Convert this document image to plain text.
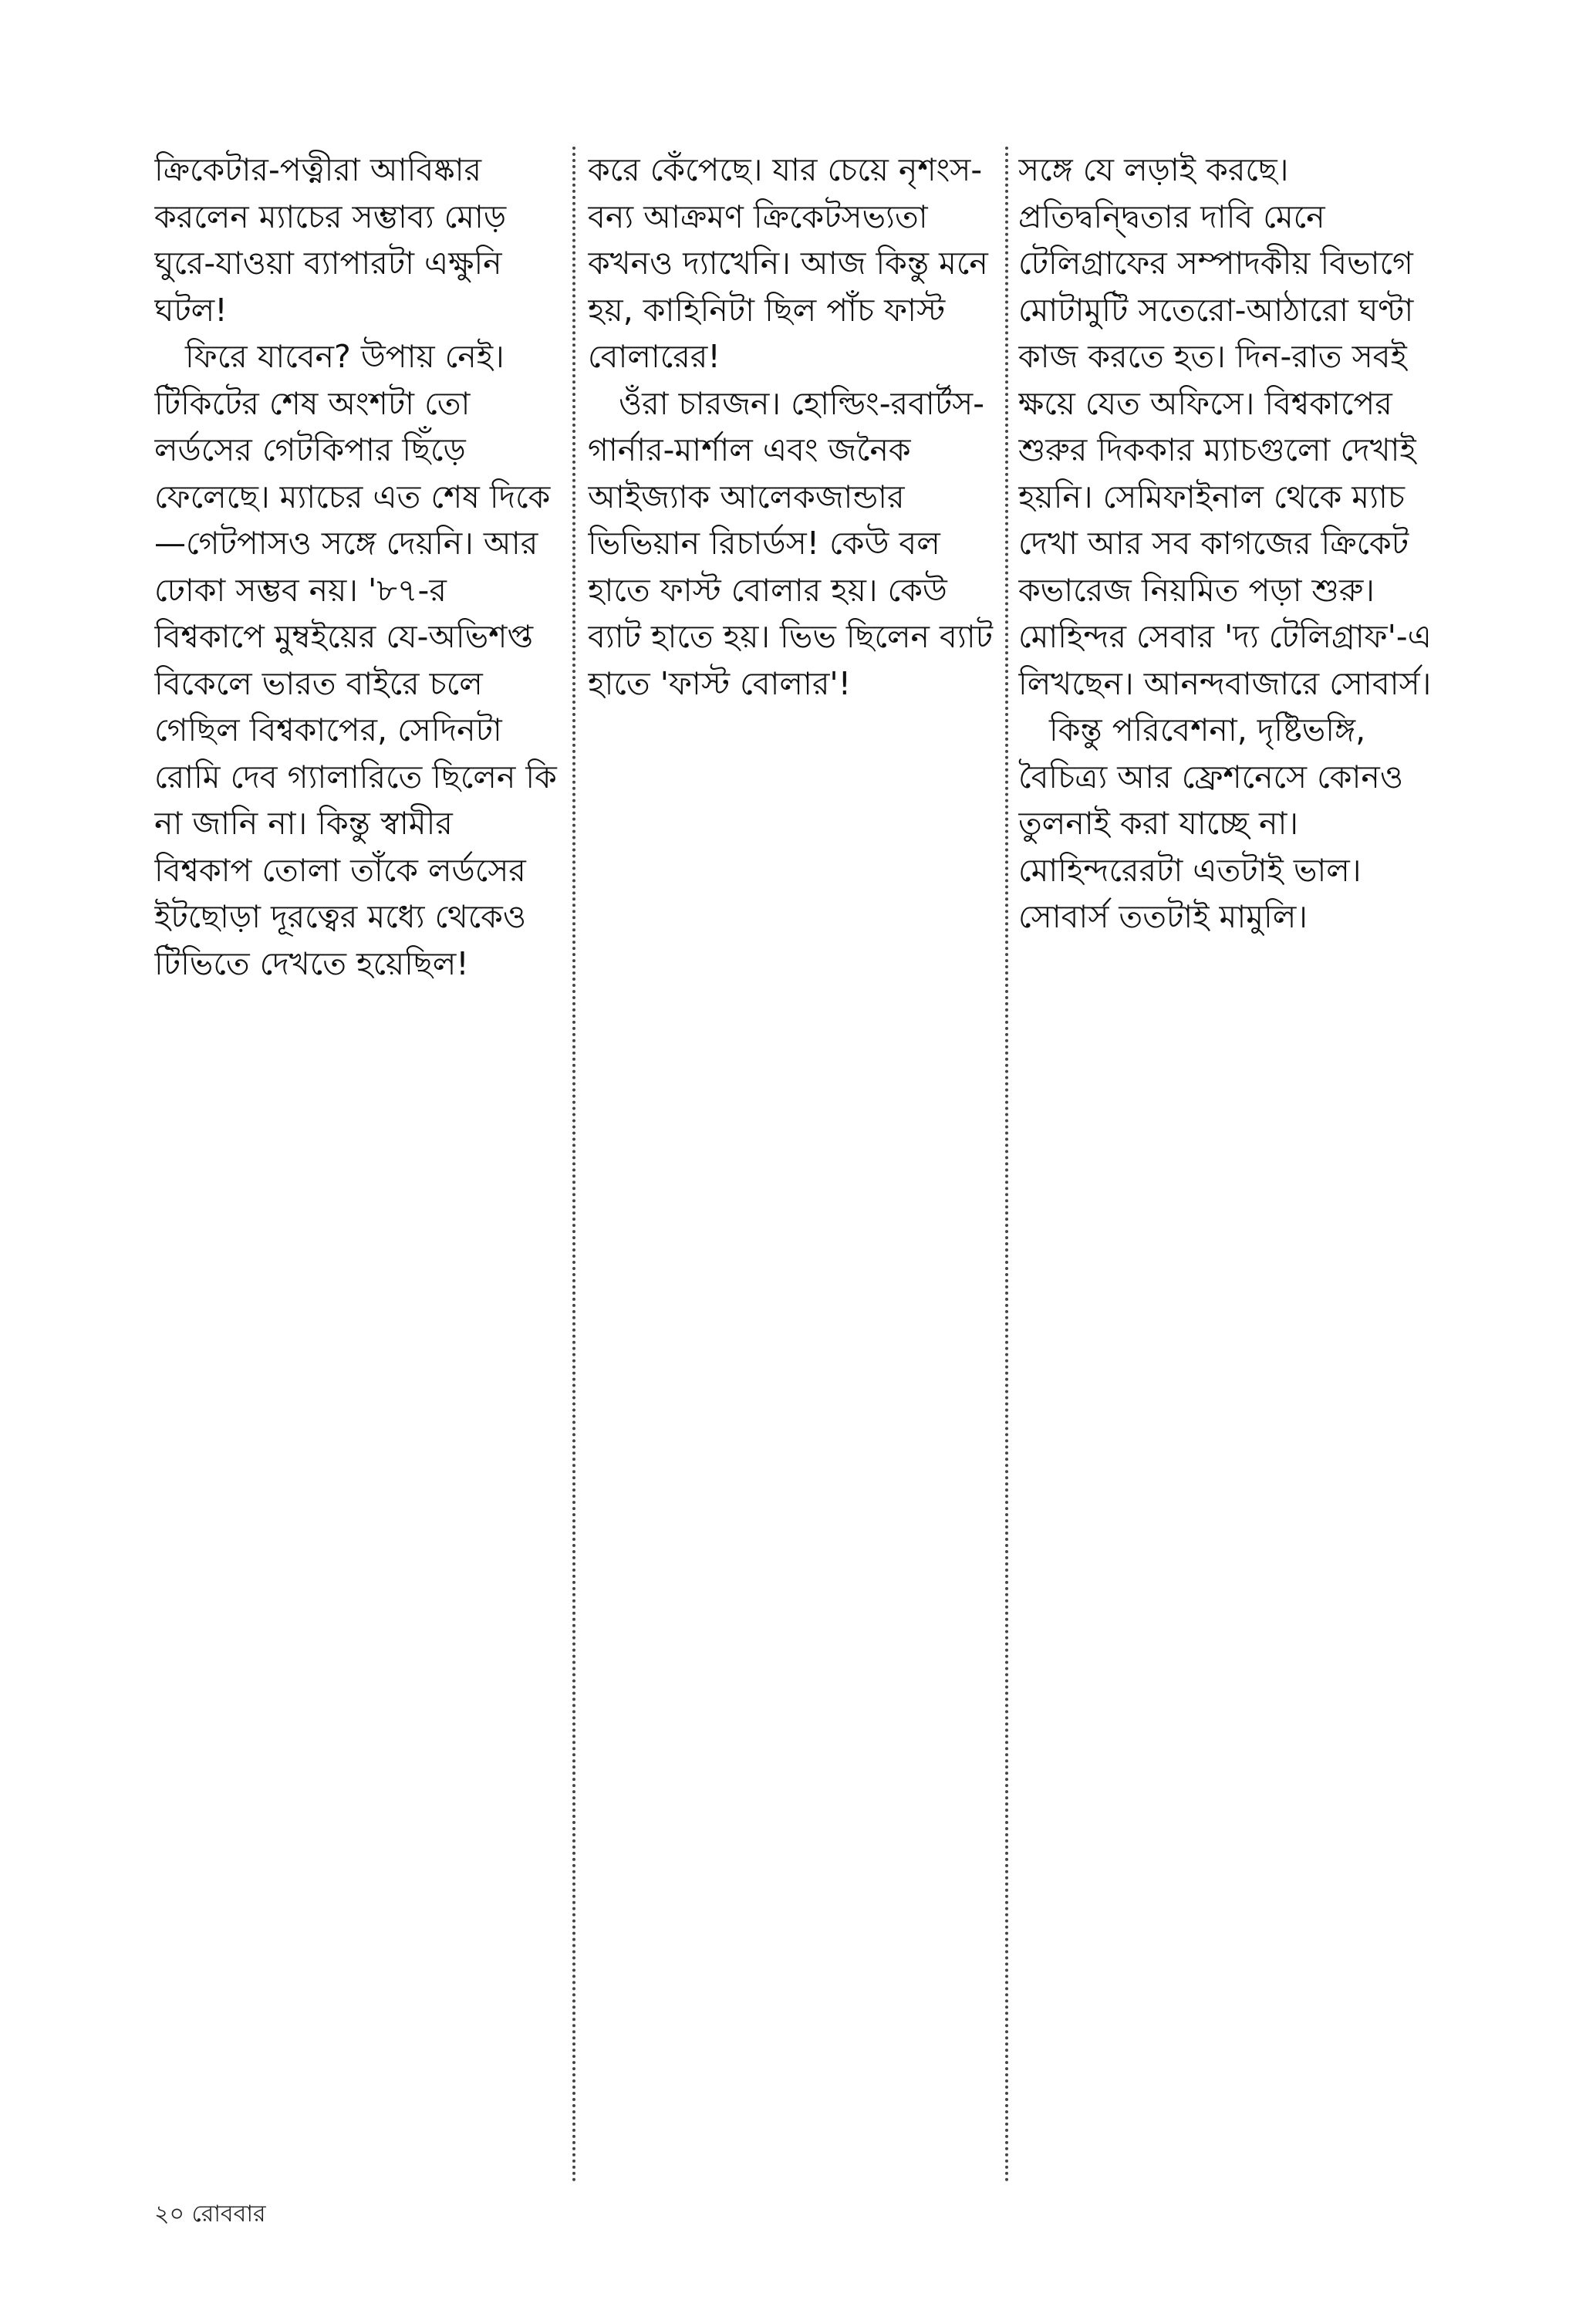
ক্রিকেটার-পত্নীরা আবিষ্কার করলেন ম্যাচের সম্ভাব্য মোড় ঘুরে-যাওয়া ব্যাপারটা এক্ষুনি ঘটল!

ফিরে যাবেন? উপায় নেই। টিকিটের শেষ অংশটা তো লর্ডসের গেটকিপার ছিঁড়ে ফেলেছে। ম্যাচের এত শেষ দিকে—গেটপাসও সঙ্গে দেয়নি। আর ঢোকা সম্ভব নয়। '৮৭-র বিশ্বকাপে মুম্বইয়ের যে-অভিশপ্ত বিকেলে ভারত বাইরে চলে গেছিল বিশ্বকাপের, সেদিনটা রোমি দেব গ্যালারিতে ছিলেন কি না জানি না। কিন্তু স্বামীর বিশ্বকাপ তোলা তাঁকে লর্ডসের ইটছোড়া দূরত্বের মধ্যে থেকেও টিভিতে দেখতে হয়েছিল!

করে কেঁপেছে। যার চেয়ে নৃশংস-বন্য আক্রমণ ক্রিকেটসভ্যতা কখনও দ্যাখেনি। আজ কিন্তু মনে হয়, কাহিনিটা ছিল পাঁচ ফাস্ট বোলারের!

ওঁরা চারজন। হোল্ডিং-রবার্টস-গার্নার-মার্শাল এবং জনৈক আইজ্যাক আলেকজান্ডার ভিভিয়ান রিচার্ডস! কেউ বল হাতে ফাস্ট বোলার হয়। কেউ ব্যাট হাতে হয়। ভিভ ছিলেন ব্যাট হাতে 'ফাস্ট বোলার'!

সঙ্গে যে লড়াই করছে। প্রতিদ্বন্দ্বিতার দাবি মেনে টেলিগ্রাফের সম্পাদকীয় বিভাগে মোটামুটি সতেরো-আঠারো ঘণ্টা কাজ করতে হত। দিন-রাত সবই ক্ষয়ে যেত অফিসে। বিশ্বকাপের শুরুর দিককার ম্যাচগুলো দেখাই হয়নি। সেমিফাইনাল থেকে ম্যাচ দেখা আর সব কাগজের ক্রিকেট কভারেজ নিয়মিত পড়া শুরু। মোহিন্দর সেবার 'দ্য টেলিগ্রাফ'-এ লিখছেন। আনন্দবাজারে সোবার্স।

কিন্তু পরিবেশনা, দৃষ্টিভঙ্গি, বৈচিত্র্য আর ফ্রেশনেসে কোনও তুলনাই করা যাচ্ছে না। মোহিন্দরেরটা এতটাই ভাল। সোবার্স ততটাই মামুলি।

২০ রোববার
